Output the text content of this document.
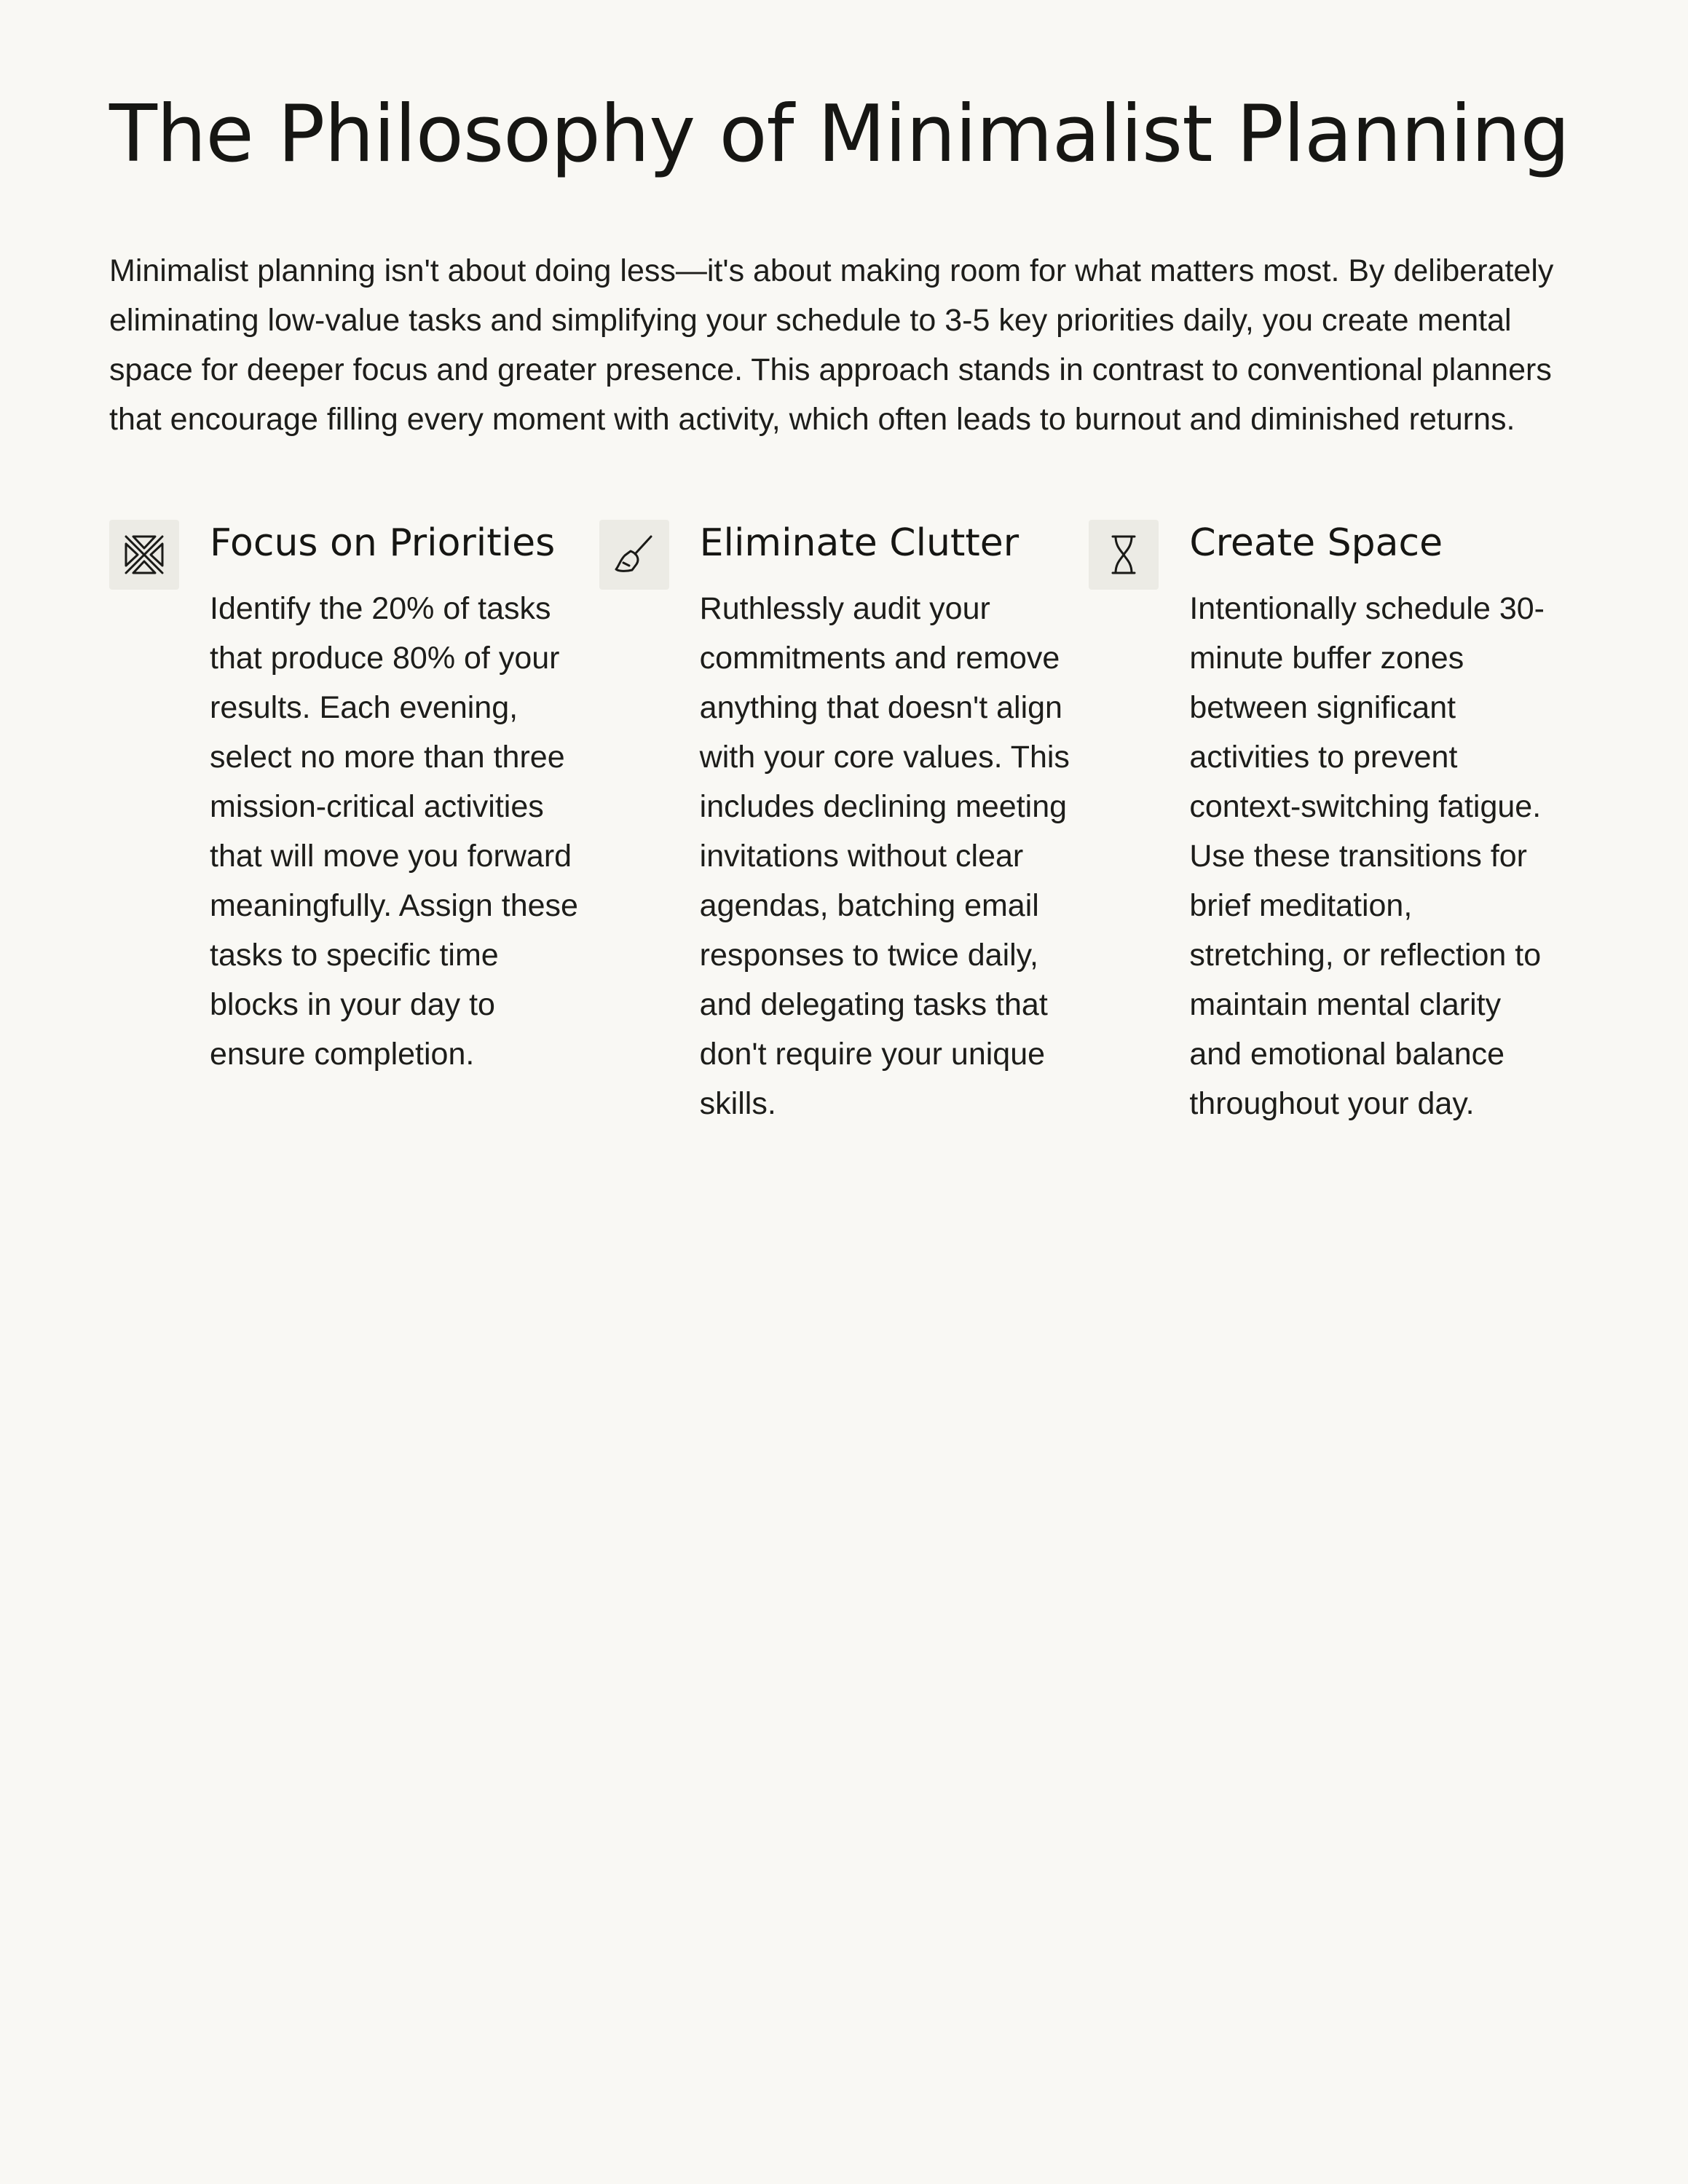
The Philosophy of Minimalist Planning

Minimalist planning isn't about doing less—it's about making room for what matters most. By deliberately eliminating low-value tasks and simplifying your schedule to 3-5 key priorities daily, you create mental space for deeper focus and greater presence. This approach stands in contrast to conventional planners that encourage filling every moment with activity, which often leads to burnout and diminished returns.

Focus on Priorities

Identify the 20% of tasks that produce 80% of your results. Each evening, select no more than three mission-critical activities that will move you forward meaningfully. Assign these tasks to specific time blocks in your day to ensure completion.

Eliminate Clutter

Ruthlessly audit your commitments and remove anything that doesn't align with your core values. This includes declining meeting invitations without clear agendas, batching email responses to twice daily, and delegating tasks that don't require your unique skills.

Create Space

Intentionally schedule 30-minute buffer zones between significant activities to prevent context-switching fatigue. Use these transitions for brief meditation, stretching, or reflection to maintain mental clarity and emotional balance throughout your day.
